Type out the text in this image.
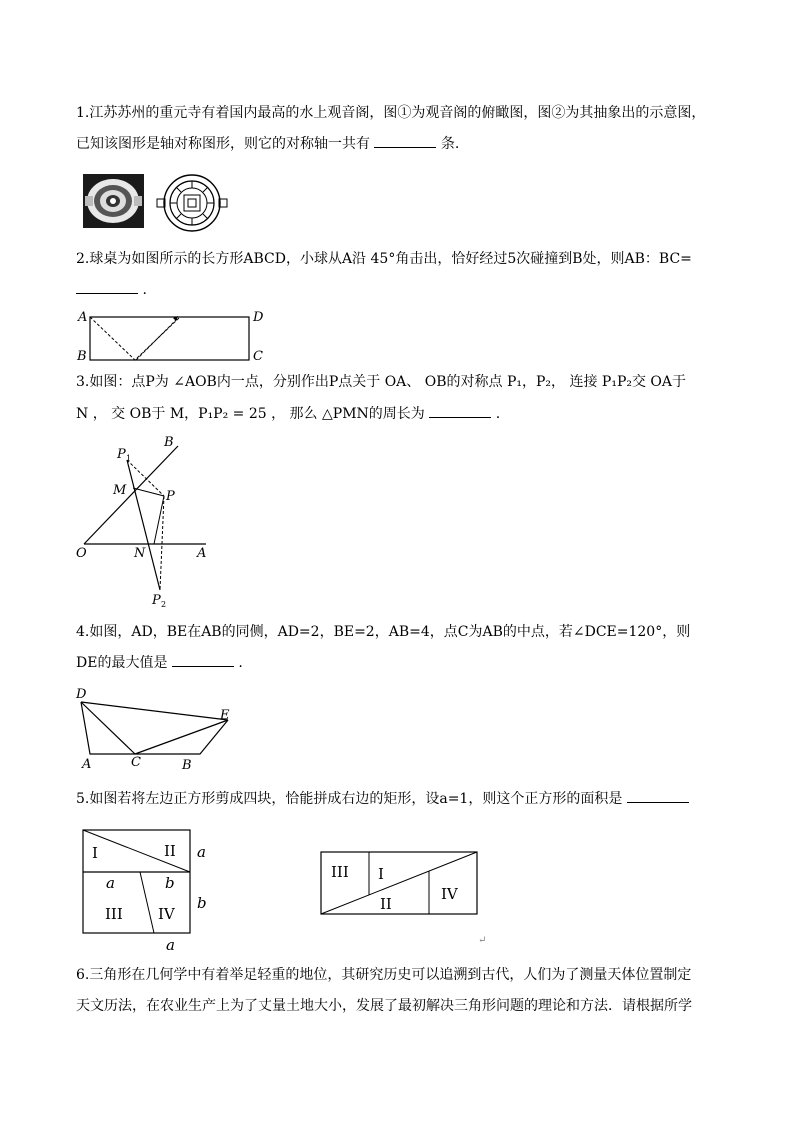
1.江苏苏州的重元寺有着国内最高的水上观音阁，图①为观音阁的俯瞰图，图②为其抽象出的示意图，
已知该图形是轴对称图形，则它的对称轴一共有	条.
2.球桌为如图所示的长方形ABCD，小球从A沿 45°角击出，恰好经过5次碰撞到B处，则AB：BC=
.
A
B	C
D
3.如图：点P为 ∠AOB内一点，分别作出P点关于 OA、 OB的对称点 P₁，P₂， 连接 P₁P₂交 OA于
N ， 交 OB于 M，P₁P₂ = 25 ， 那么 △PMN的周长为	.
B
P 1
M	P
O	N	A
P 2
4.如图，AD，BE在AB的同侧，AD=2，BE=2，AB=4，点C为AB的中点，若∠DCE=120°，则
DE的最大值是	.
D
E
A	C	B
5.如图若将左边正方形剪成四块，恰能拼成右边的矩形，设a=1，则这个正方形的面积是
I	II
III IV
a	b
a
b
a
III I
II
IV
↵
6.三角形在几何学中有着举足轻重的地位，其研究历史可以追溯到古代，人们为了测量天体位置制定
天文历法，在农业生产上为了丈量土地大小，发展了最初解决三角形问题的理论和方法．请根据所学
